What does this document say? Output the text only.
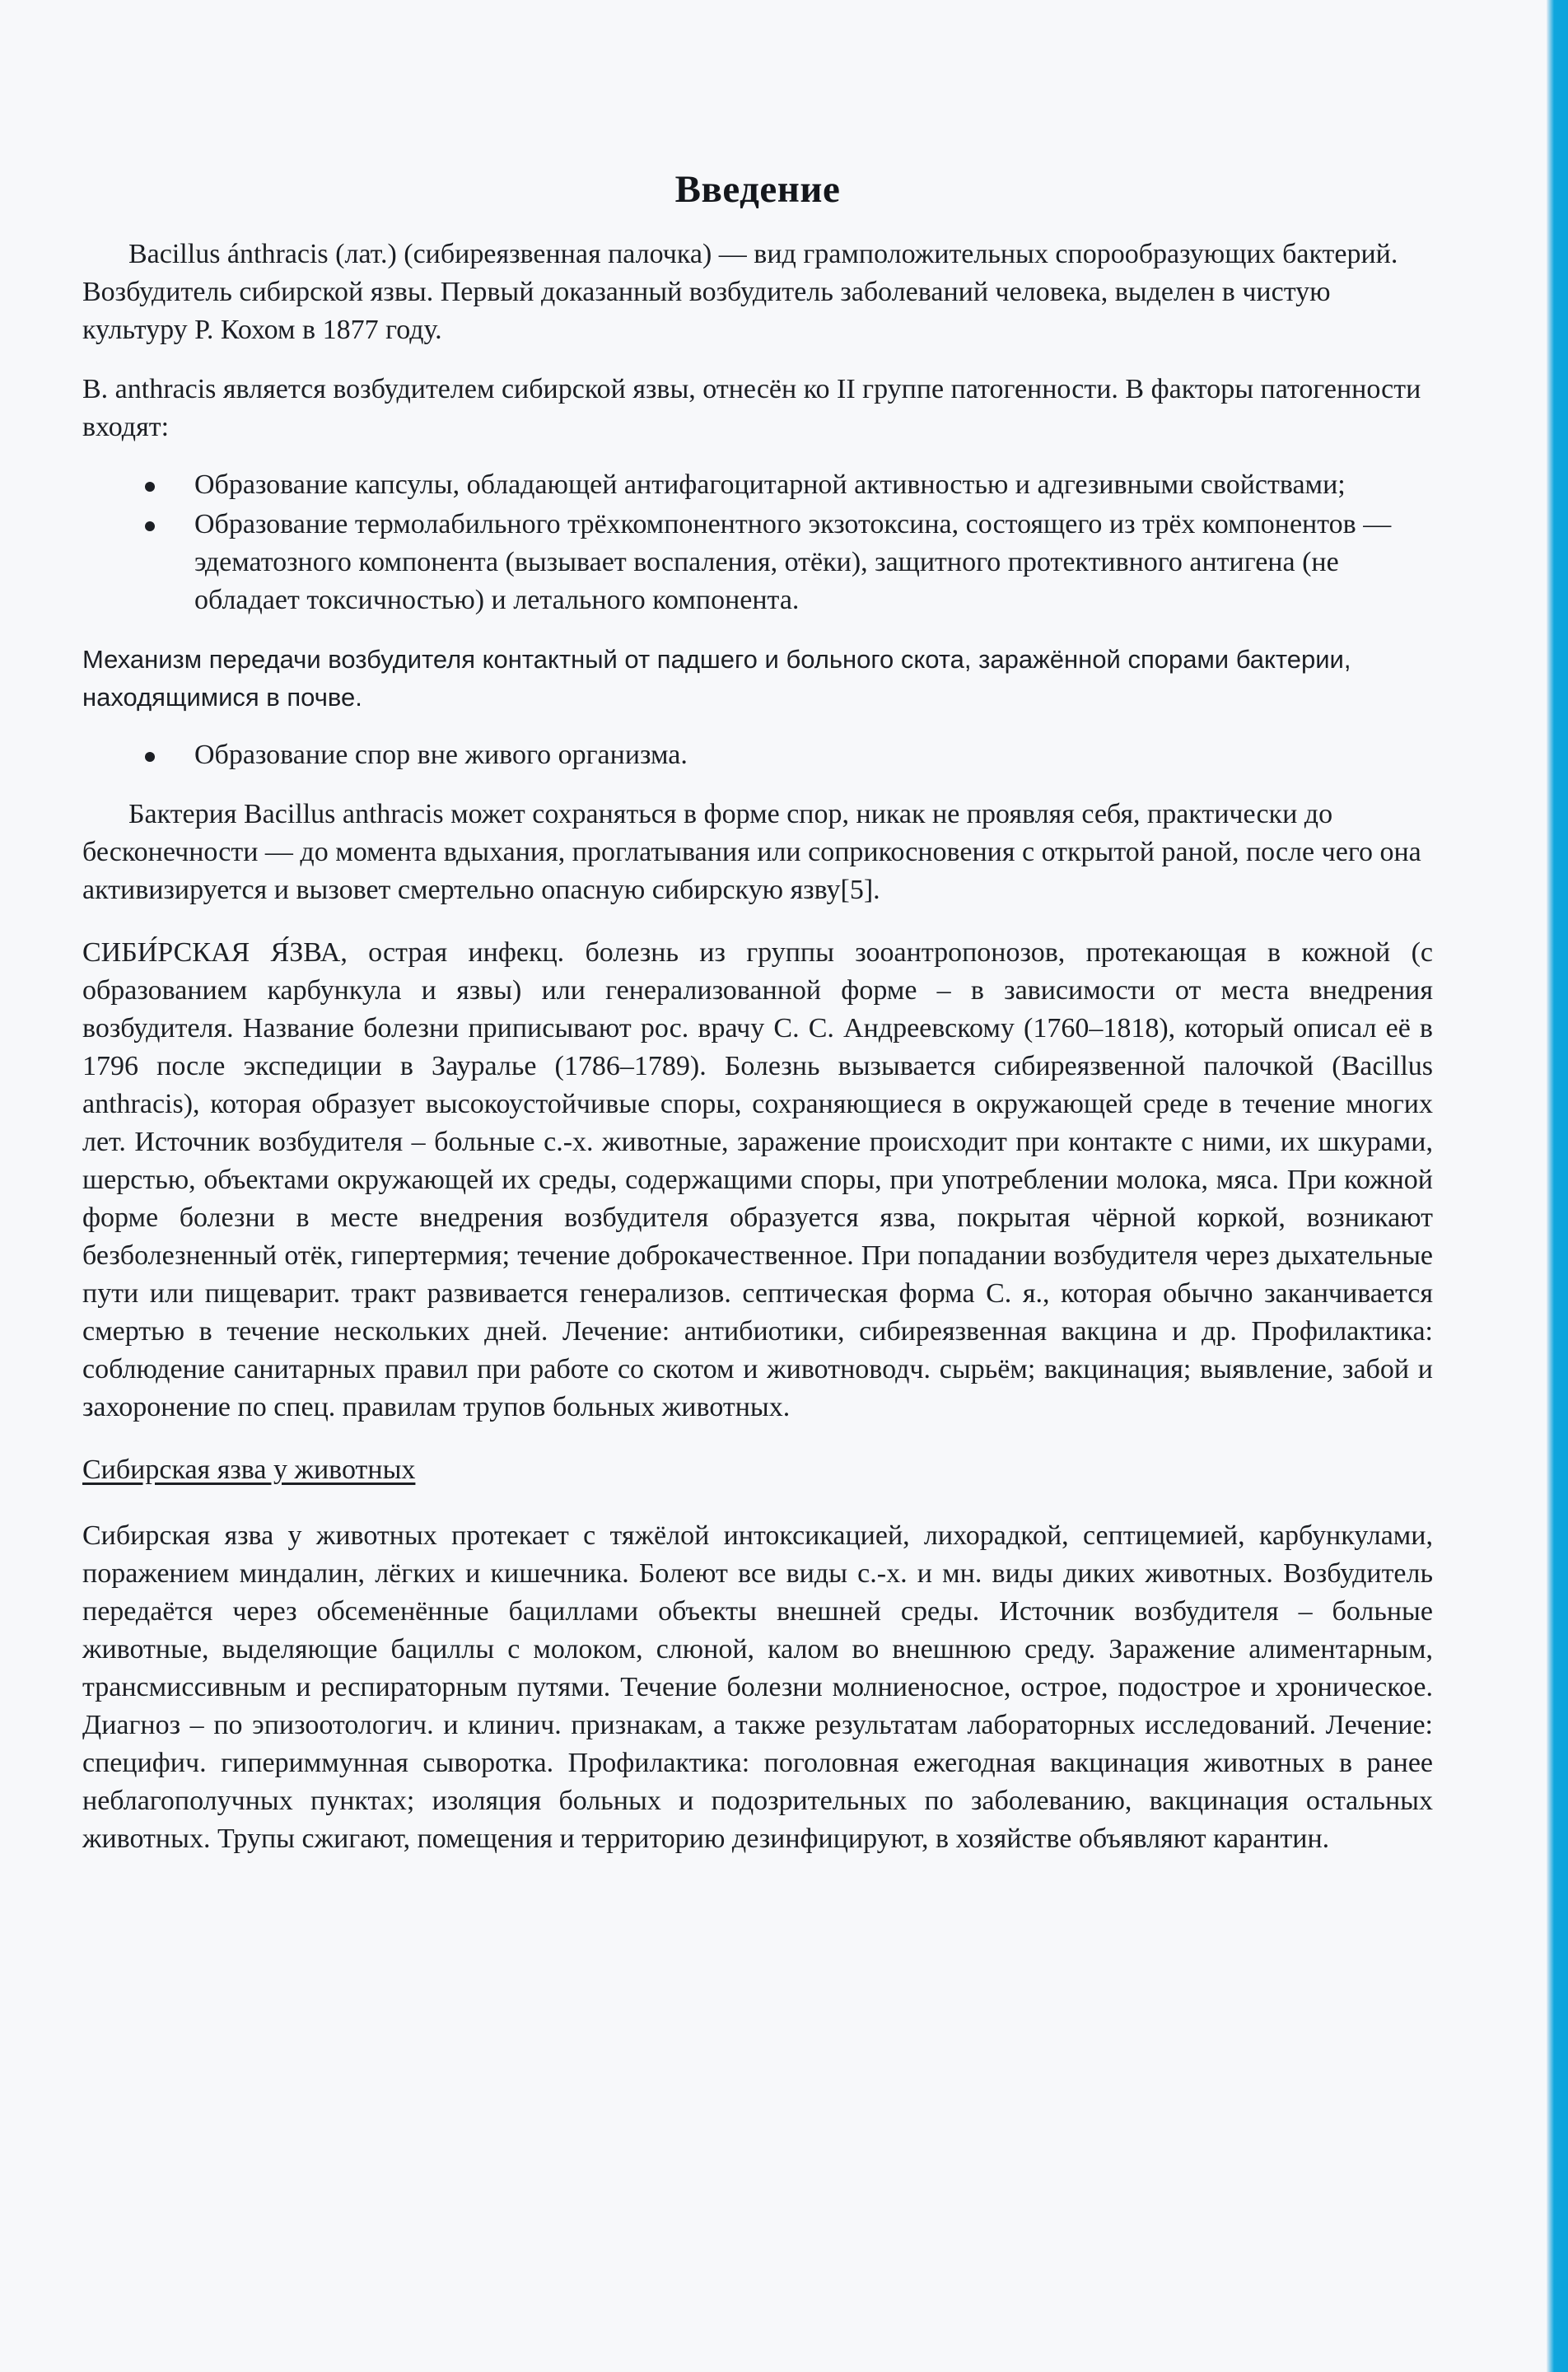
Введение

Bacillus ánthracis (лат.) (сибиреязвенная палочка) — вид грамположительных спорообразующих бактерий. Возбудитель сибирской язвы. Первый доказанный возбудитель заболеваний человека, выделен в чистую культуру Р. Кохом в 1877 году.

B. anthracis является возбудителем сибирской язвы, отнесён ко II группе патогенности. В факторы патогенности входят:

Образование капсулы, обладающей антифагоцитарной активностью и адгезивными свойствами;
Образование термолабильного трёхкомпонентного экзотоксина, состоящего из трёх компонентов — эдематозного компонента (вызывает воспаления, отёки), защитного протективного антигена (не обладает токсичностью) и летального компонента.

Механизм передачи возбудителя контактный от падшего и больного скота, заражённой спорами бактерии, находящимися в почве.

Образование спор вне живого организма.

Бактерия Bacillus anthracis может сохраняться в форме спор, никак не проявляя себя, практически до бесконечности — до момента вдыхания, проглатывания или соприкосновения с открытой раной, после чего она активизируется и вызовет смертельно опасную сибирскую язву[5].

СИБИ́РСКАЯ Я́ЗВА, острая инфекц. болезнь из группы зооантропонозов, протекающая в кожной (с образованием карбункула и язвы) или генерализованной форме – в зависимости от места внедрения возбудителя. Название болезни приписывают рос. врачу С. С. Андреевскому (1760–1818), который описал её в 1796 после экспедиции в Зауралье (1786–1789). Болезнь вызывается сибиреязвенной палочкой (Bacillus anthracis), которая образует высокоустойчивые споры, сохраняющиеся в окружающей среде в течение многих лет. Источник возбудителя – больные с.-х. животные, заражение происходит при контакте с ними, их шкурами, шерстью, объектами окружающей их среды, содержащими споры, при употреблении молока, мяса. При кожной форме болезни в месте внедрения возбудителя образуется язва, покрытая чёрной коркой, возникают безболезненный отёк, гипертермия; течение доброкачественное. При попадании возбудителя через дыхательные пути или пищеварит. тракт развивается генерализов. септическая форма С. я., которая обычно заканчивается смертью в течение нескольких дней. Лечение: антибиотики, сибиреязвенная вакцина и др. Профилактика: соблюдение санитарных правил при работе со скотом и животноводч. сырьём; вакцинация; выявление, забой и захоронение по спец. правилам трупов больных животных.

Сибирская язва у животных

Сибирская язва у животных протекает с тяжёлой интоксикацией, лихорадкой, септицемией, карбункулами, поражением миндалин, лёгких и кишечника. Болеют все виды с.-х. и мн. виды диких животных. Возбудитель передаётся через обсеменённые бациллами объекты внешней среды. Источник возбудителя – больные животные, выделяющие бациллы с молоком, слюной, калом во внешнюю среду. Заражение алиментарным, трансмиссивным и респираторным путями. Течение болезни молниеносное, острое, подострое и хроническое. Диагноз – по эпизоотологич. и клинич. признакам, а также результатам лабораторных исследований. Лечение: специфич. гипериммунная сыворотка. Профилактика: поголовная ежегодная вакцинация животных в ранее неблагополучных пунктах; изоляция больных и подозрительных по заболеванию, вакцинация остальных животных. Трупы сжигают, помещения и территорию дезинфицируют, в хозяйстве объявляют карантин.
